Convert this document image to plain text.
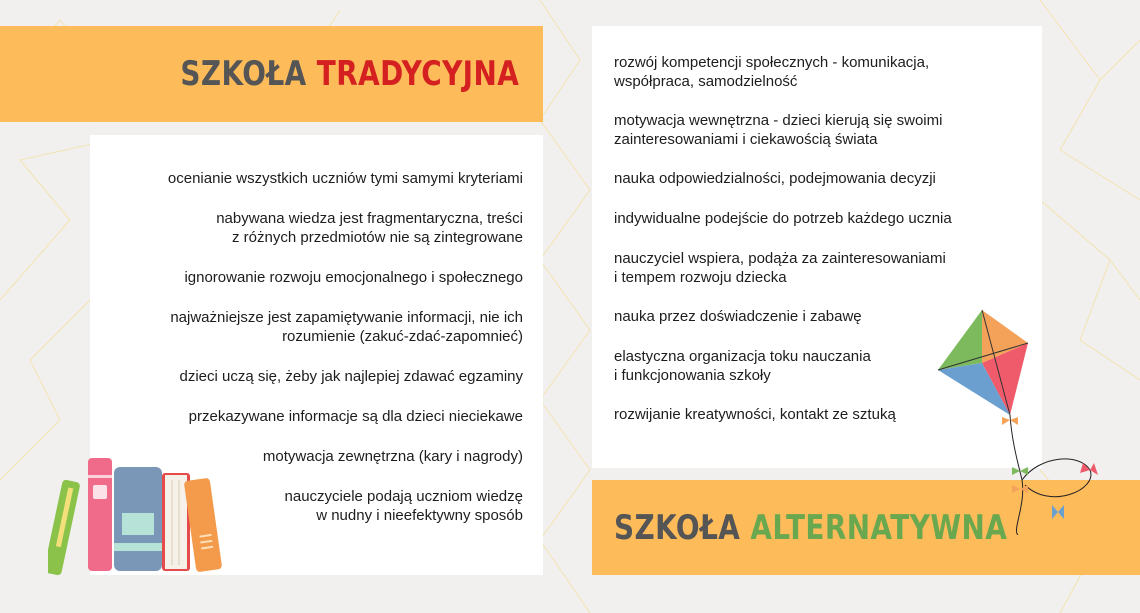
SZKOŁA TRADYCYJNA
ocenianie wszystkich uczniów tymi samymi kryteriami
nabywana wiedza jest fragmentaryczna, treści
z różnych przedmiotów nie są zintegrowane
ignorowanie rozwoju emocjonalnego i społecznego
najważniejsze jest zapamiętywanie informacji, nie ich
rozumienie (zakuć-zdać-zapomnieć)
dzieci uczą się, żeby jak najlepiej zdawać egzaminy
przekazywane informacje są dla dzieci nieciekawe
motywacja zewnętrzna (kary i nagrody)
nauczyciele podają uczniom wiedzę
w nudny i nieefektywny sposób
rozwój kompetencji społecznych - komunikacja,
współpraca, samodzielność
motywacja wewnętrzna - dzieci kierują się swoimi
zainteresowaniami i ciekawością świata
nauka odpowiedzialności, podejmowania decyzji
indywidualne podejście do potrzeb każdego ucznia
nauczyciel wspiera, podąża za zainteresowaniami
i tempem rozwoju dziecka
nauka przez doświadczenie i zabawę
elastyczna organizacja toku nauczania
i funkcjonowania szkoły
rozwijanie kreatywności, kontakt ze sztuką
SZKOŁA ALTERNATYWNA
